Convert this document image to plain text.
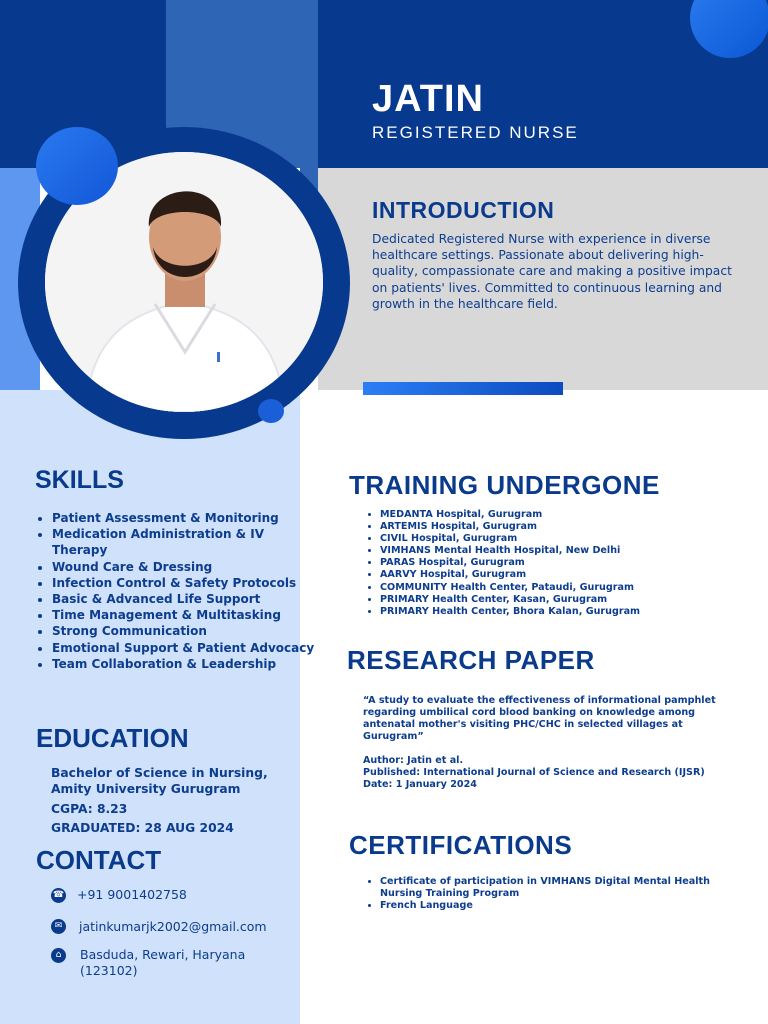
JATIN
REGISTERED NURSE
INTRODUCTION
Dedicated Registered Nurse with experience in diverse healthcare settings. Passionate about delivering high-quality, compassionate care and making a positive impact on patients' lives. Committed to continuous learning and growth in the healthcare field.
SKILLS
• Patient Assessment & Monitoring
• Medication Administration & IV Therapy
• Wound Care & Dressing
• Infection Control & Safety Protocols
• Basic & Advanced Life Support
• Time Management & Multitasking
• Strong Communication
• Emotional Support & Patient Advocacy
• Team Collaboration & Leadership
EDUCATION
Bachelor of Science in Nursing, Amity University Gurugram
CGPA: 8.23
GRADUATED: 28 AUG 2024
CONTACT
☎ +91 9001402758
✉ jatinkumarjk2002@gmail.com
⌂	Basduda, Rewari, Haryana (123102)
TRAINING UNDERGONE
• MEDANTA Hospital, Gurugram
• ARTEMIS Hospital, Gurugram
• CIVIL Hospital, Gurugram
• VIMHANS Mental Health Hospital, New Delhi
• PARAS Hospital, Gurugram
• AARVY Hospital, Gurugram
• COMMUNITY Health Center, Pataudi, Gurugram
• PRIMARY Health Center, Kasan, Gurugram
• PRIMARY Health Center, Bhora Kalan, Gurugram
RESEARCH PAPER
“A study to evaluate the effectiveness of informational pamphlet regarding umbilical cord blood banking on knowledge among antenatal mother's visiting PHC/CHC in selected villages at Gurugram”
Author: Jatin et al.
Published: International Journal of Science and Research (IJSR)
Date: 1 January 2024
CERTIFICATIONS
• Certificate of participation in VIMHANS Digital Mental Health Nursing Training Program
• French Language
